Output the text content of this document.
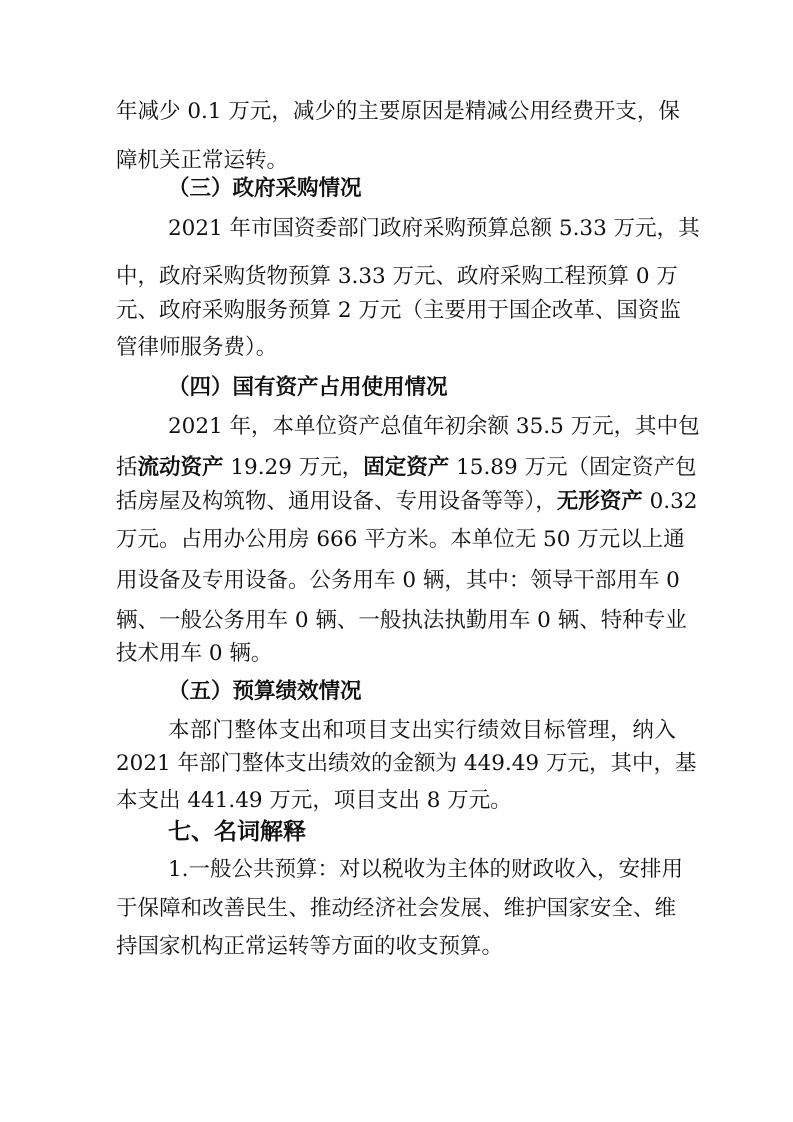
年减少 0.1 万元，减少的主要原因是精减公用经费开支，保
障机关正常运转。
（三）政府采购情况
2021 年市国资委部门政府采购预算总额 5.33 万元，其
中，政府采购货物预算 3.33 万元、政府采购工程预算 0 万
元、政府采购服务预算 2 万元（主要用于国企改革、国资监
管律师服务费）。
（四）国有资产占用使用情况
2021 年，本单位资产总值年初余额 35.5 万元，其中包
括流动资产 19.29 万元，固定资产 15.89 万元（固定资产包
括房屋及构筑物、通用设备、专用设备等等），无形资产 0.32
万元。占用办公用房 666 平方米。本单位无 50 万元以上通
用设备及专用设备。公务用车 0 辆，其中：领导干部用车 0
辆、一般公务用车 0 辆、一般执法执勤用车 0 辆、特种专业
技术用车 0 辆。
（五）预算绩效情况
本部门整体支出和项目支出实行绩效目标管理，纳入
2021 年部门整体支出绩效的金额为 449.49 万元，其中，基
本支出 441.49 万元，项目支出 8 万元。
七、名词解释
1.一般公共预算：对以税收为主体的财政收入，安排用
于保障和改善民生、推动经济社会发展、维护国家安全、维
持国家机构正常运转等方面的收支预算。
